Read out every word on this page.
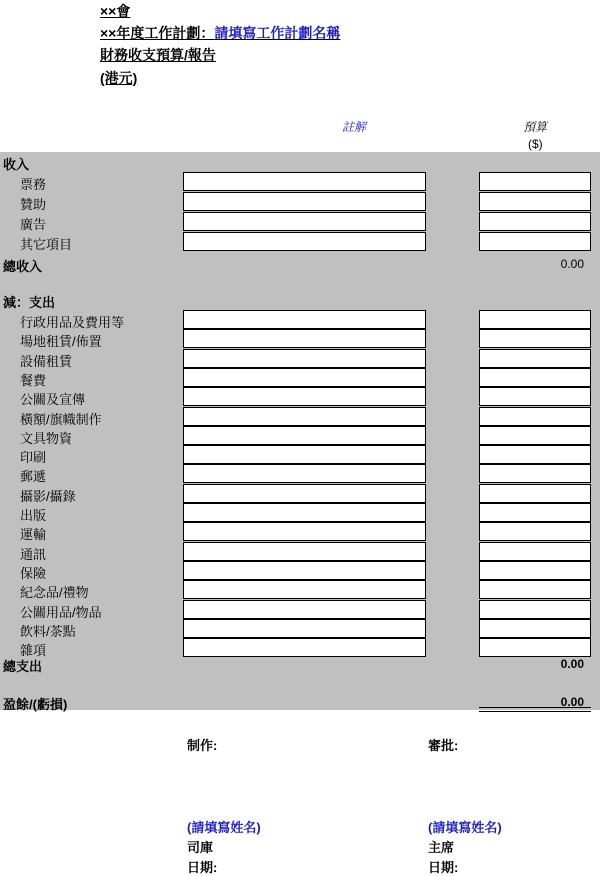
××會
××年度工作計劃：請填寫工作計劃名稱
財務收支預算/報告
(港元)
註解	預算
($)
收入
票務
贊助
廣告
其它項目
總收入	0.00
減：支出
行政用品及費用等
場地租賃/佈置
設備租賃
餐費
公關及宣傳
橫額/旗幟制作
文具物資
印刷
郵遞
攝影/攝錄
出版
運輸
通訊
保險
紀念品/禮物
公關用品/物品
飲料/茶點
雜項
總支出	0.00
盈餘/(虧損)	0.00
制作:	審批:
(請填寫姓名)	(請填寫姓名)
司庫	主席
日期:	日期:
